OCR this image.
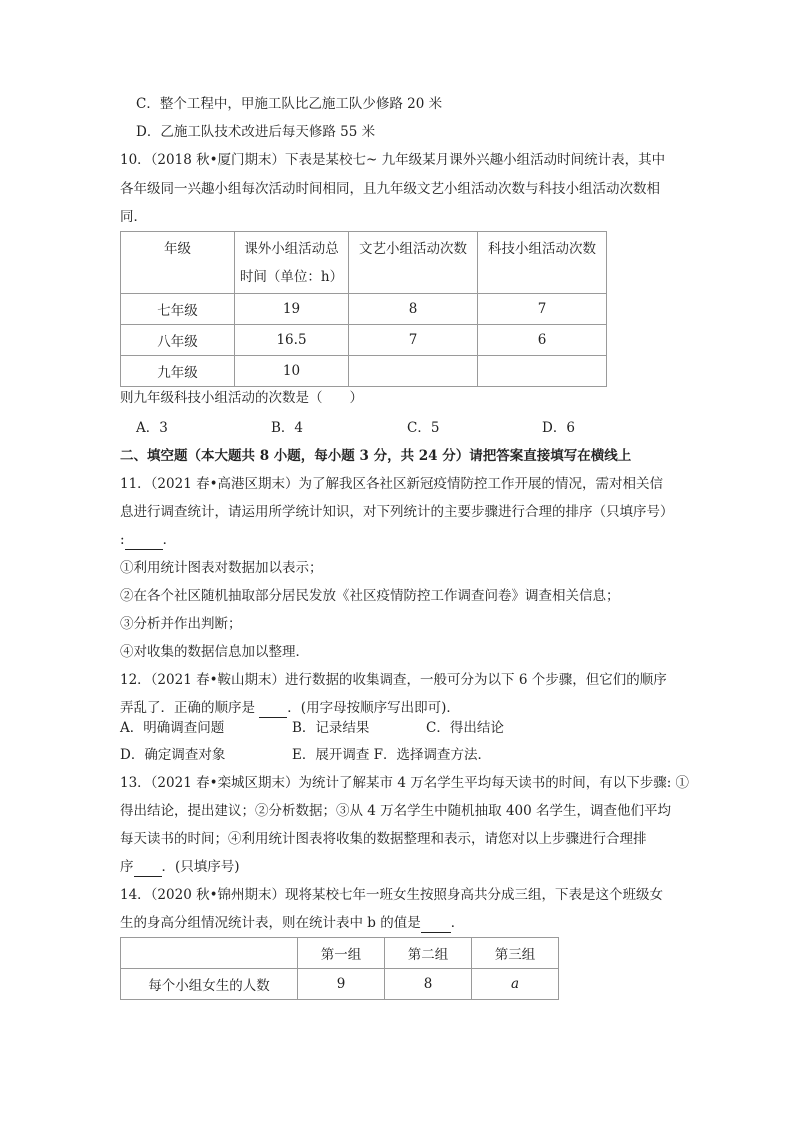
C．整个工程中，甲施工队比乙施工队少修路 20 米
D．乙施工队技术改进后每天修路 55 米
10．（2018 秋•厦门期末）下表是某校七~ 九年级某月课外兴趣小组活动时间统计表，其中
各年级同一兴趣小组每次活动时间相同，且九年级文艺小组活动次数与科技小组活动次数相
同．
年级	课外小组活动总
时间（单位：h）	文艺小组活动次数	科技小组活动次数
七年级	19	8	7
八年级	16.5	7	6
九年级	10		
则九年级科技小组活动的次数是（　　）
A．3	B．4	C．5	D．6
二、填空题（本大题共 8 小题，每小题 3 分，共 24 分）请把答案直接填写在横线上
11．（2021 春•高港区期末）为了解我区各社区新冠疫情防控工作开展的情况，需对相关信
息进行调查统计，请运用所学统计知识，对下列统计的主要步骤进行合理的排序（只填序号）
:	．
①利用统计图表对数据加以表示；
②在各个社区随机抽取部分居民发放《社区疫情防控工作调查问卷》调查相关信息；
③分析并作出判断；
④对收集的数据信息加以整理．
12．（2021 春•鞍山期末）进行数据的收集调查，一般可分为以下 6 个步骤，但它们的顺序
弄乱了．正确的顺序是 ．(用字母按顺序写出即可)．
A．明确调查问题	B．记录结果	C．得出结论
D．确定调查对象	E．展开调查 F．选择调查方法．
13．（2021 春•栾城区期末）为统计了解某市 4 万名学生平均每天读书的时间，有以下步骤: ①
得出结论，提出建议；②分析数据；③从 4 万名学生中随机抽取 400 名学生，调查他们平均
每天读书的时间；④利用统计图表将收集的数据整理和表示，请您对以上步骤进行合理排
序 ．(只填序号)
14．（2020 秋•锦州期末）现将某校七年一班女生按照身高共分成三组，下表是这个班级女
生的身高分组情况统计表，则在统计表中 b 的值是 ．
	第一组	第二组	第三组
每个小组女生的人数	9	8	a
